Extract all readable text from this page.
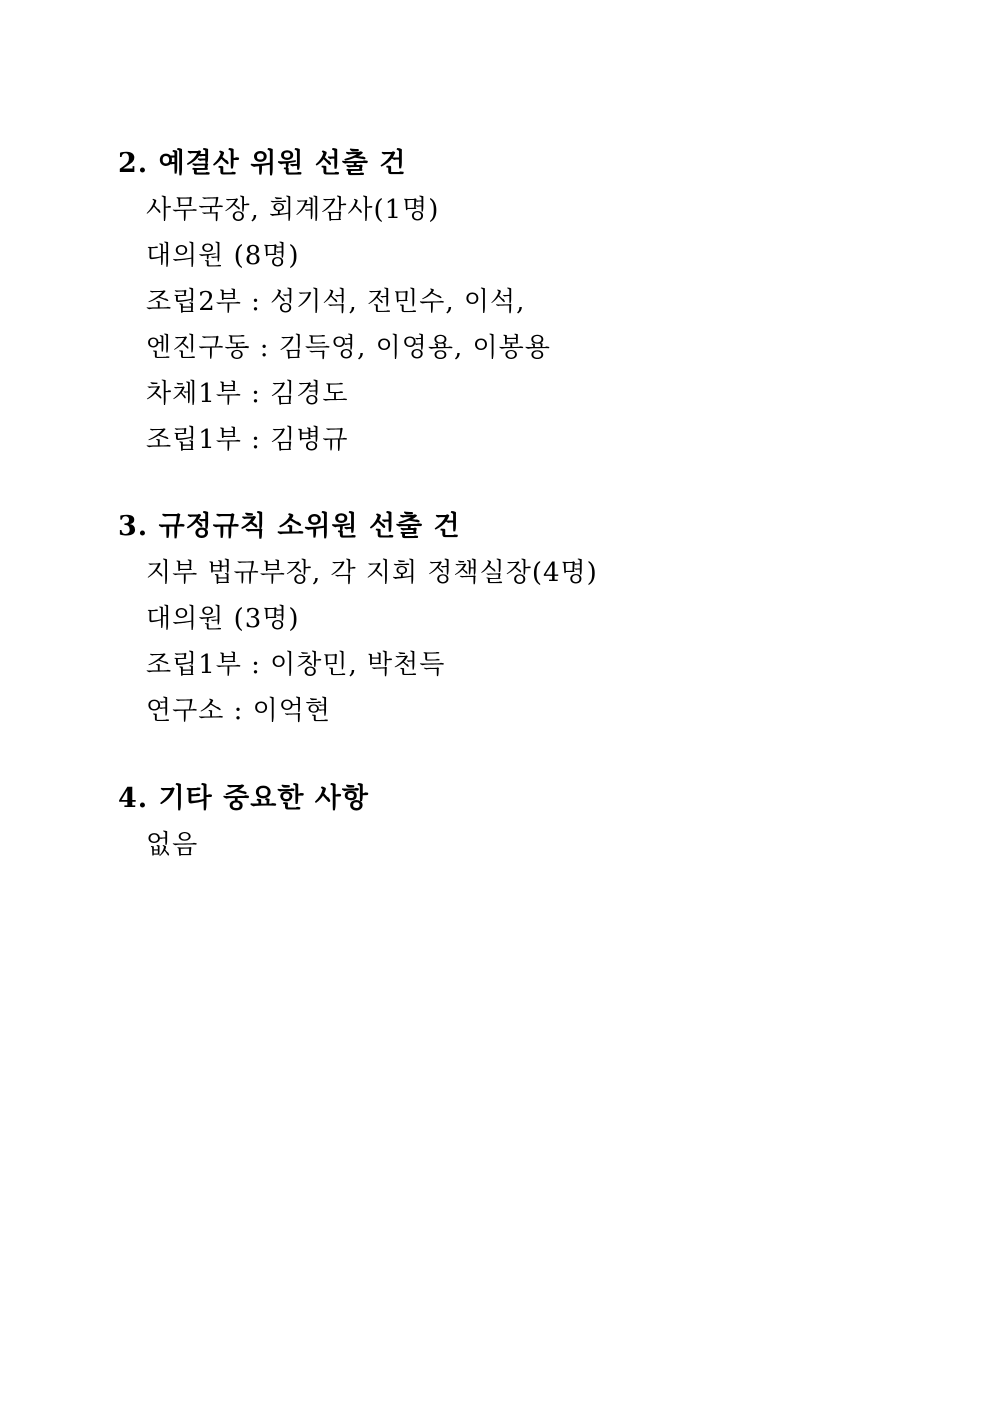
2. 예결산 위원 선출 건
사무국장, 회계감사(1명)
대의원 (8명)
조립2부 : 성기석, 전민수, 이석,
엔진구동 : 김득영, 이영용, 이봉용
차체1부 : 김경도
조립1부 : 김병규
3. 규정규칙 소위원 선출 건
지부 법규부장, 각 지회 정책실장(4명)
대의원 (3명)
조립1부 : 이창민, 박천득
연구소 : 이억현
4. 기타 중요한 사항
없음
